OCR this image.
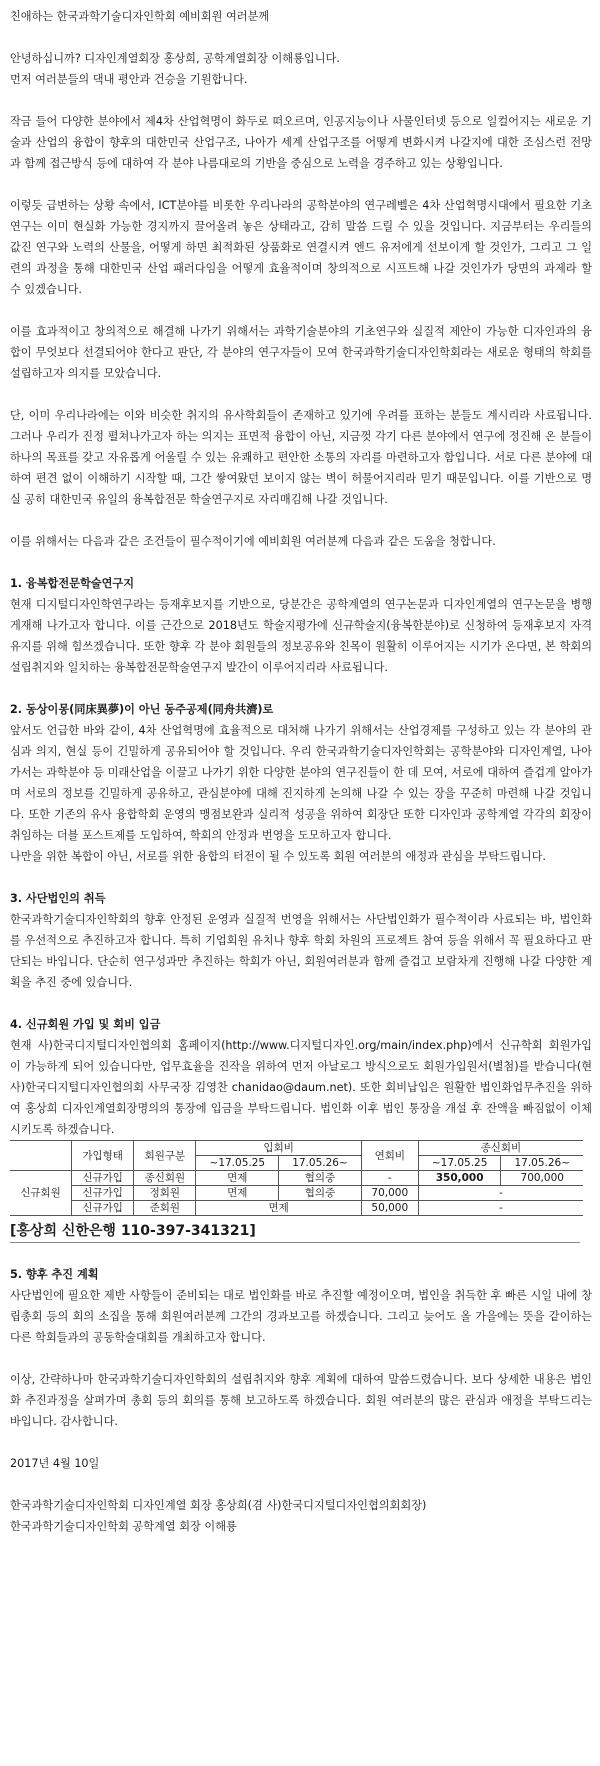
친애하는 한국과학기술디자인학회 예비회원 여러분께

안녕하십니까? 디자인계열회장 홍상희, 공학계열회장 이해룡입니다.

먼저 여러분들의 댁내 평안과 건승을 기원합니다.

작금 들어 다양한 분야에서 제4차 산업혁명이 화두로 떠오르며, 인공지능이나 사물인터넷 등으로 일컬어지는 새로운 기술과 산업의 융합이 향후의 대한민국 산업구조, 나아가 세계 산업구조를 어떻게 변화시켜 나갈지에 대한 조심스런 전망과 함께 접근방식 등에 대하여 각 분야 나름대로의 기반을 중심으로 노력을 경주하고 있는 상황입니다.

이렇듯 급변하는 상황 속에서, ICT분야를 비롯한 우리나라의 공학분야의 연구레벨은 4차 산업혁명시대에서 필요한 기초연구는 이미 현실화 가능한 경지까지 끌어올려 놓은 상태라고, 감히 말씀 드릴 수 있을 것입니다. 지금부터는 우리들의 값진 연구와 노력의 산물을, 어떻게 하면 최적화된 상품화로 연결시켜 엔드 유저에게 선보이게 할 것인가, 그리고 그 일련의 과정을 통해 대한민국 산업 패러다임을 어떻게 효율적이며 창의적으로 시프트해 나갈 것인가가 당면의 과제라 할 수 있겠습니다.

이를 효과적이고 창의적으로 해결해 나가기 위해서는 과학기술분야의 기초연구와 실질적 제안이 가능한 디자인과의 융합이 무엇보다 선결되어야 한다고 판단, 각 분야의 연구자들이 모여 한국과학기술디자인학회라는 새로운 형태의 학회를 설립하고자 의지를 모았습니다.

단, 이미 우리나라에는 이와 비슷한 취지의 유사학회들이 존재하고 있기에 우려를 표하는 분들도 계시리라 사료됩니다. 그러나 우리가 진정 펼쳐나가고자 하는 의지는 표면적 융합이 아닌, 지금껏 각기 다른 분야에서 연구에 정진해 온 분들이 하나의 목표를 갖고 자유롭게 어울릴 수 있는 유쾌하고 편안한 소통의 자리를 마련하고자 함입니다. 서로 다른 분야에 대하여 편견 없이 이해하기 시작할 때, 그간 쌓여왔던 보이지 않는 벽이 허물어지리라 믿기 때문입니다. 이를 기반으로 명실 공히 대한민국 유일의 융복합전문 학술연구지로 자리매김해 나갈 것입니다.

이를 위해서는 다음과 같은 조건들이 필수적이기에 예비회원 여러분께 다음과 같은 도움을 청합니다.

1. 융복합전문학술연구지

현재 디지털디자인학연구라는 등재후보지를 기반으로, 당분간은 공학계열의 연구논문과 디자인계열의 연구논문을 병행게재해 나가고자 합니다. 이를 근간으로 2018년도 학술지평가에 신규학술지(융복한분야)로 신청하여 등재후보지 자격유지를 위해 힘쓰겠습니다. 또한 향후 각 분야 회원들의 정보공유와 친목이 원활히 이루어지는 시기가 온다면, 본 학회의 설립취지와 일치하는 융복합전문학술연구지 발간이 이루어지리라 사료됩니다.

2. 동상이몽(同床異夢)이 아닌 동주공제(同舟共濟)로

앞서도 언급한 바와 같이, 4차 산업혁명에 효율적으로 대처해 나가기 위해서는 산업경제를 구성하고 있는 각 분야의 관심과 의지, 현실 등이 긴밀하게 공유되어야 할 것입니다. 우리 한국과학기술디자인학회는 공학분야와 디자인계열, 나아가서는 과학분야 등 미래산업을 이끌고 나가기 위한 다양한 분야의 연구진들이 한 데 모여, 서로에 대하여 즐겁게 알아가며 서로의 정보를 긴밀하게 공유하고, 관심분야에 대해 진지하게 논의해 나갈 수 있는 장을 꾸준히 마련해 나갈 것입니다. 또한 기존의 유사 융합학회 운영의 맹점보완과 실리적 성공을 위하여 회장단 또한 디자인과 공학계열 각각의 회장이 취임하는 더블 포스트제를 도입하여, 학회의 안정과 번영을 도모하고자 합니다.

나만을 위한 복합이 아닌, 서로를 위한 융합의 터전이 될 수 있도록 회원 여러분의 애정과 관심을 부탁드립니다.

3. 사단법인의 취득

한국과학기술디자인학회의 향후 안정된 운영과 실질적 번영을 위해서는 사단법인화가 필수적이라 사료되는 바, 법인화를 우선적으로 추진하고자 합니다. 특히 기업회원 유치나 향후 학회 차원의 프로젝트 참여 등을 위해서 꼭 필요하다고 판단되는 바입니다. 단순히 연구성과만 추진하는 학회가 아닌, 회원여러분과 함께 즐겁고 보람차게 진행해 나갈 다양한 계획을 추진 중에 있습니다.

4. 신규회원 가입 및 회비 입금

현재 사)한국디지털디자인협의회 홈페이지(http://www.디지털디자인.org/main/index.php)에서 신규학회 회원가입이 가능하게 되어 있습니다만, 업무효율을 진작을 위하여 먼저 아날로그 방식으로도 회원가입원서(별첨)를 받습니다(현 사)한국디지털디자인협의회 사무국장 김영찬 chanidao@daum.net). 또한 회비납입은 원활한 법인화업무추진을 위하여 홍상희 디자인계열회장명의의 통장에 입금을 부탁드립니다. 법인화 이후 법인 통장을 개설 후 잔액을 빠짐없이 이체시키도록 하겠습니다.

	가입형태	회원구분	입회비		연회비	종신회비	
			~17.05.25	17.05.26~		~17.05.25	17.05.26~
신규회원	신규가입	종신회원	면제	협의중	-	350,000	700,000
	신규가입	정회원	면제	협의중	70,000	-	
	신규가입	준회원	면제		50,000	-	

[홍상희 신한은행 110-397-341321]

5. 향후 추진 계획

사단법인에 필요한 제반 사항들이 준비되는 대로 법인화를 바로 추진할 예정이오며, 법인을 취득한 후 빠른 시일 내에 창립총회 등의 회의 소집을 통해 회원여러분께 그간의 경과보고를 하겠습니다. 그리고 늦어도 올 가을에는 뜻을 같이하는 다른 학회들과의 공동학술대회를 개최하고자 합니다.

이상, 간략하나마 한국과학기술디자인학회의 설립취지와 향후 계획에 대하여 말씀드렸습니다. 보다 상세한 내용은 법인화 추진과정을 살펴가며 총회 등의 회의를 통해 보고하도록 하겠습니다. 회원 여러분의 많은 관심과 애정을 부탁드리는 바입니다. 감사합니다.

2017년 4월 10일

한국과학기술디자인학회 디자인계열 회장 홍상희(겸 사)한국디지털디자인협의회회장)

한국과학기술디자인학회 공학계열 회장 이해룡
